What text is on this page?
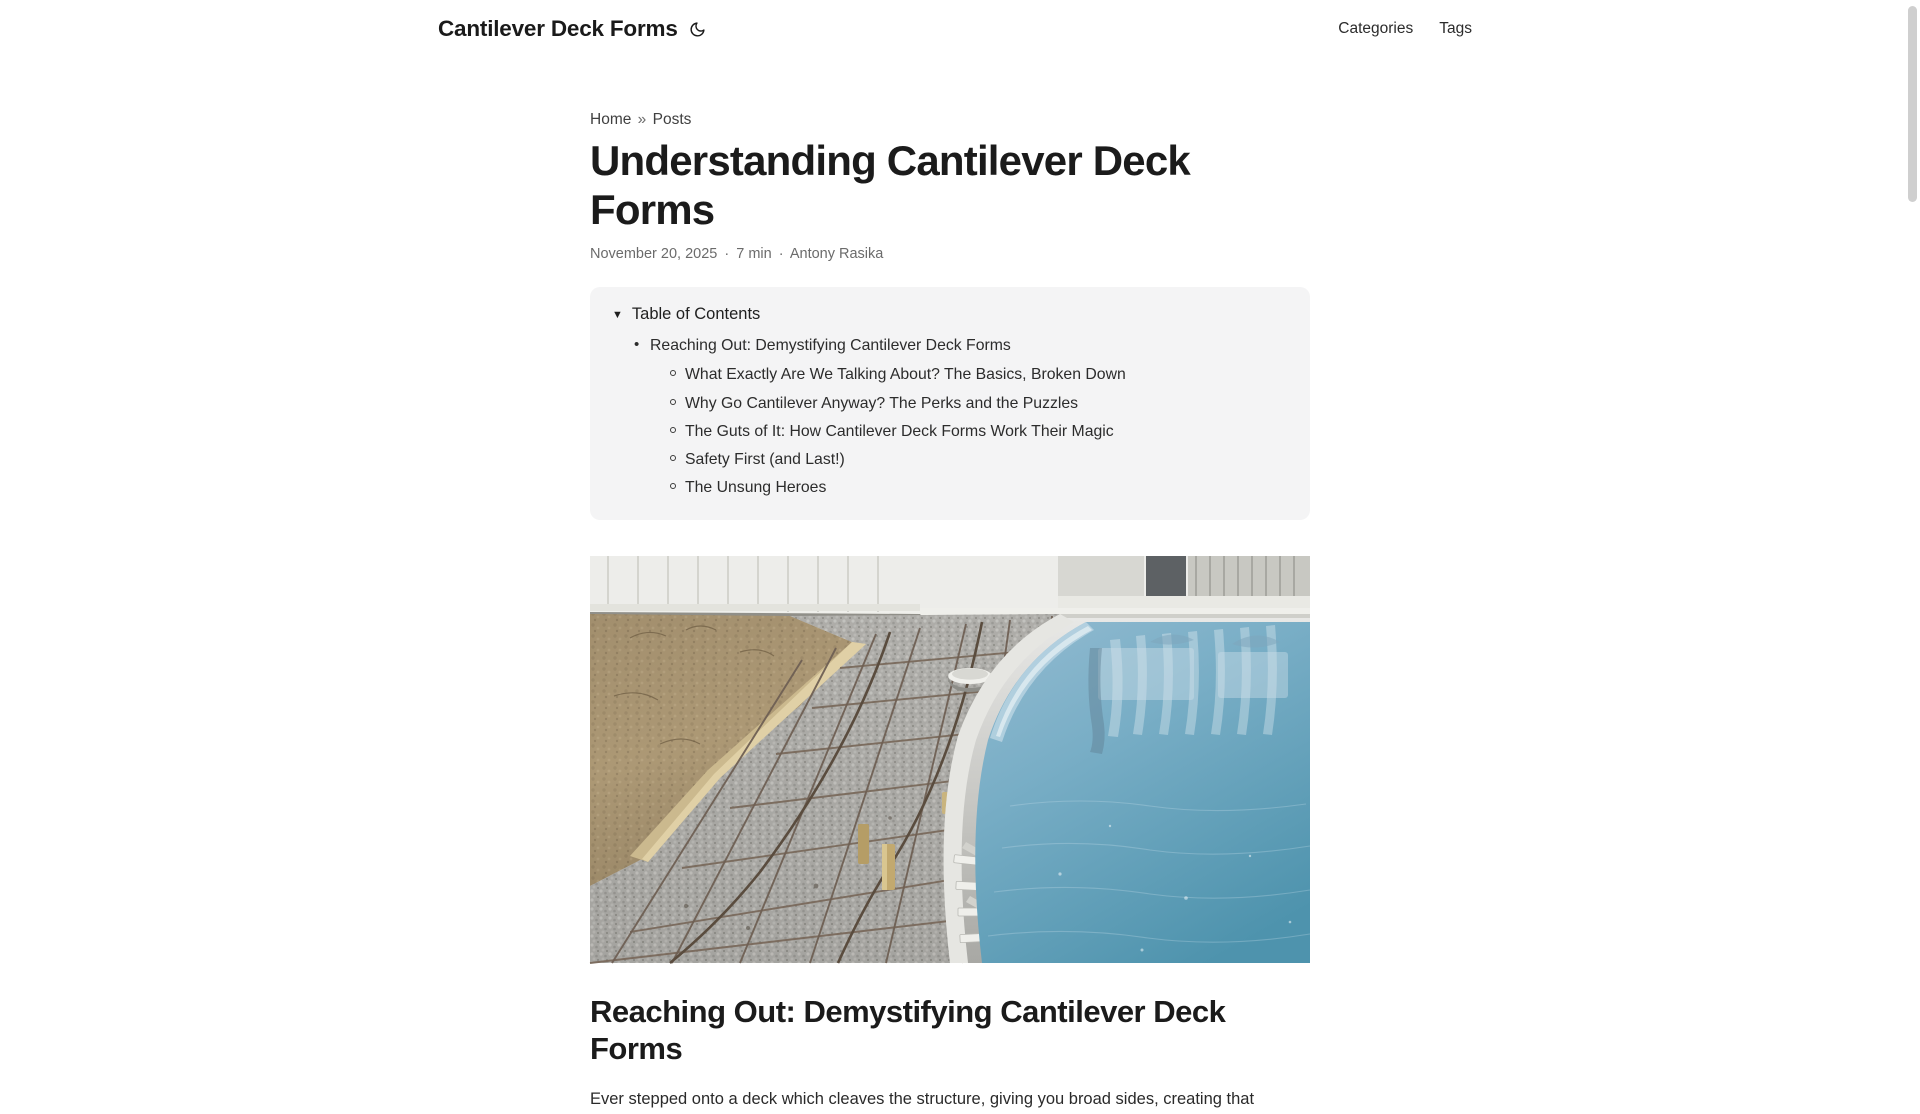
Cantilever Deck Forms	Categories Tags
Home » Posts
Understanding Cantilever Deck Forms
November 20, 2025 · 7 min · Antony Rasika
▼ Table of Contents
• Reaching Out: Demystifying Cantilever Deck Forms
What Exactly Are We Talking About? The Basics, Broken Down
Why Go Cantilever Anyway? The Perks and the Puzzles
The Guts of It: How Cantilever Deck Forms Work Their Magic
Safety First (and Last!)
The Unsung Heroes
Reaching Out: Demystifying Cantilever Deck Forms

Ever stepped onto a deck which cleaves the structure, giving you broad sides, creating that
